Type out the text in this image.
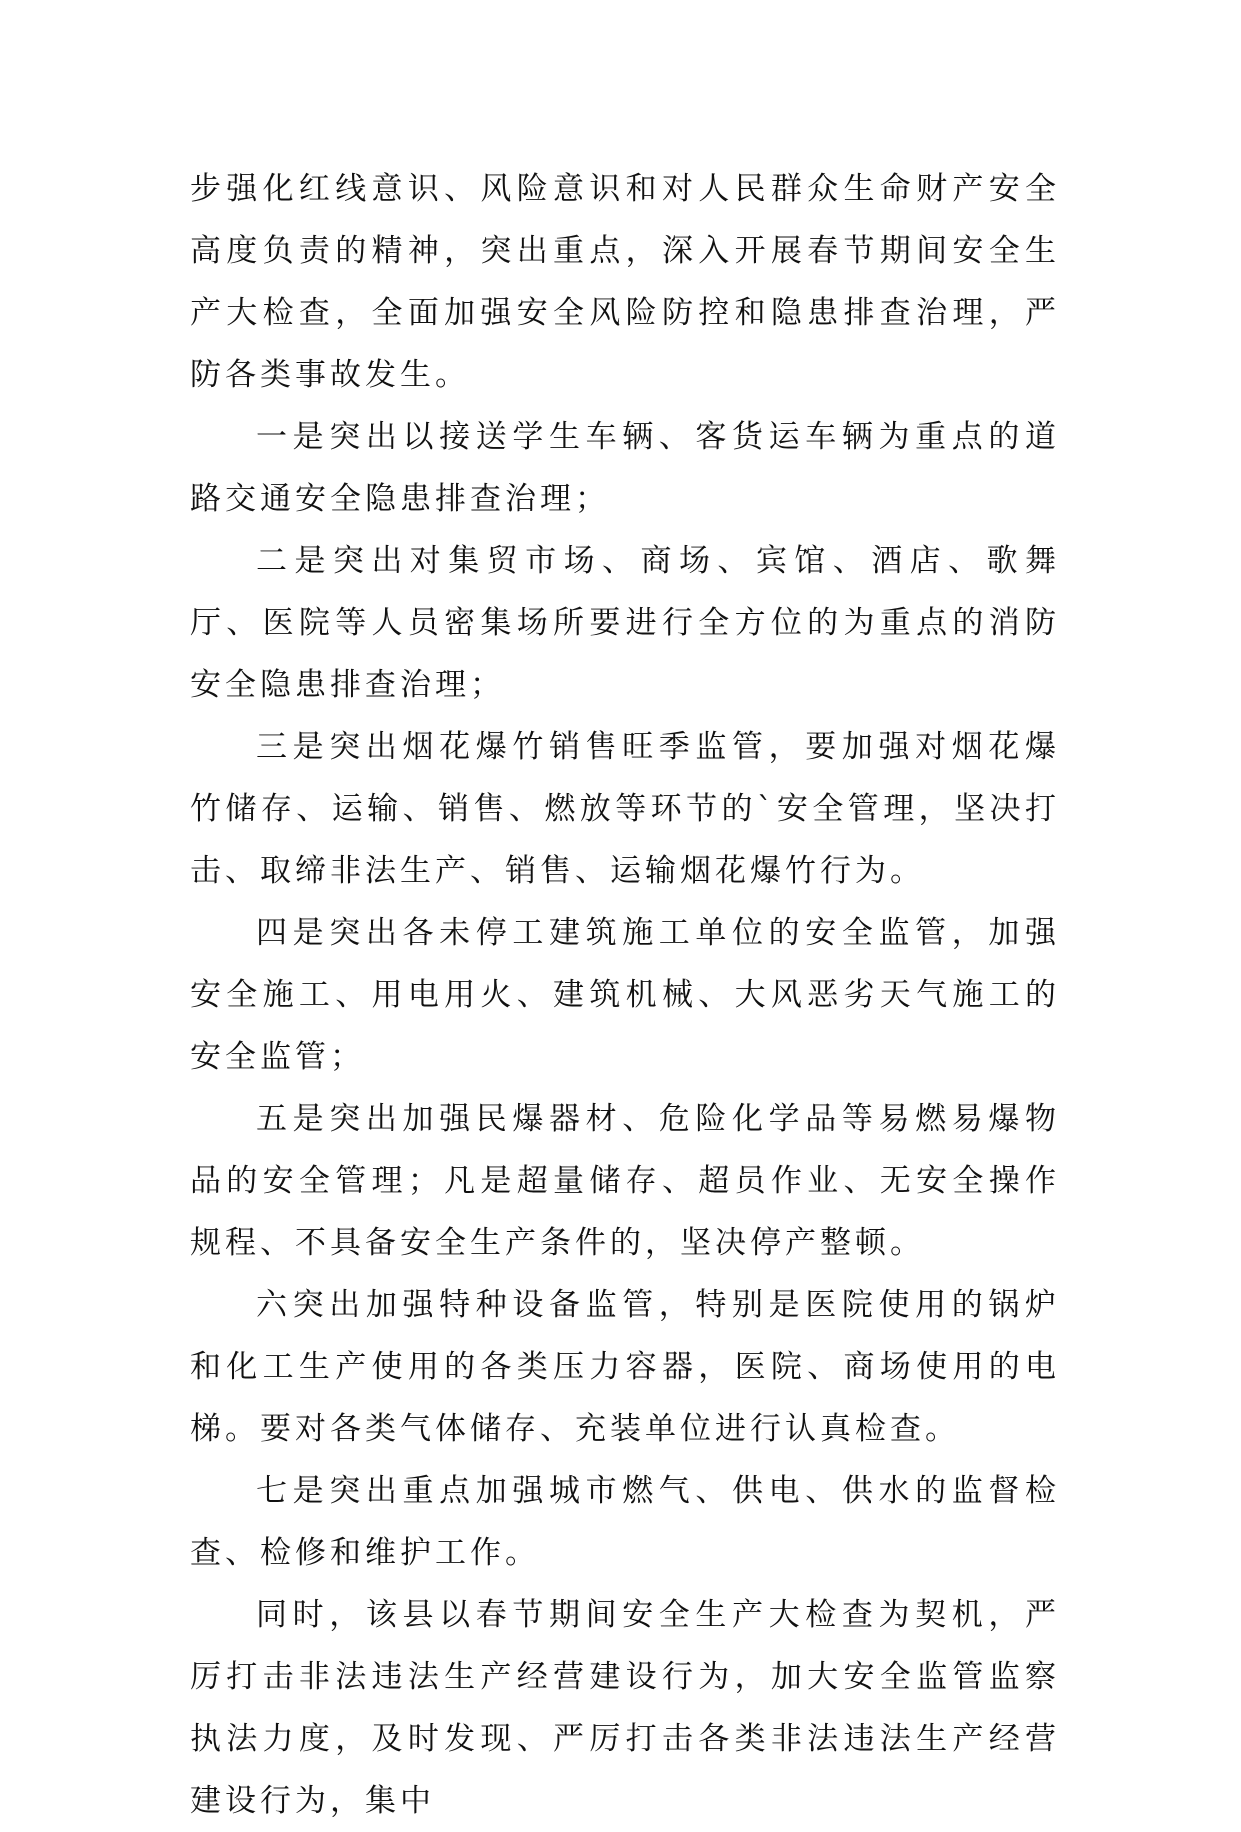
步强化红线意识、风险意识和对人民群众生命财产安全高度负责的精神，突出重点，深入开展春节期间安全生产大检查，全面加强安全风险防控和隐患排查治理，严防各类事故发生。

一是突出以接送学生车辆、客货运车辆为重点的道路交通安全隐患排查治理；

二是突出对集贸市场、商场、宾馆、酒店、歌舞厅、医院等人员密集场所要进行全方位的为重点的消防安全隐患排查治理；

三是突出烟花爆竹销售旺季监管，要加强对烟花爆竹储存、运输、销售、燃放等环节的`安全管理，坚决打击、取缔非法生产、销售、运输烟花爆竹行为。

四是突出各未停工建筑施工单位的安全监管，加强安全施工、用电用火、建筑机械、大风恶劣天气施工的安全监管；

五是突出加强民爆器材、危险化学品等易燃易爆物品的安全管理；凡是超量储存、超员作业、无安全操作规程、不具备安全生产条件的，坚决停产整顿。

六突出加强特种设备监管，特别是医院使用的锅炉和化工生产使用的各类压力容器，医院、商场使用的电梯。要对各类气体储存、充装单位进行认真检查。

七是突出重点加强城市燃气、供电、供水的监督检查、检修和维护工作。

同时，该县以春节期间安全生产大检查为契机，严厉打击非法违法生产经营建设行为，加大安全监管监察执法力度，及时发现、严厉打击各类非法违法生产经营建设行为，集中
